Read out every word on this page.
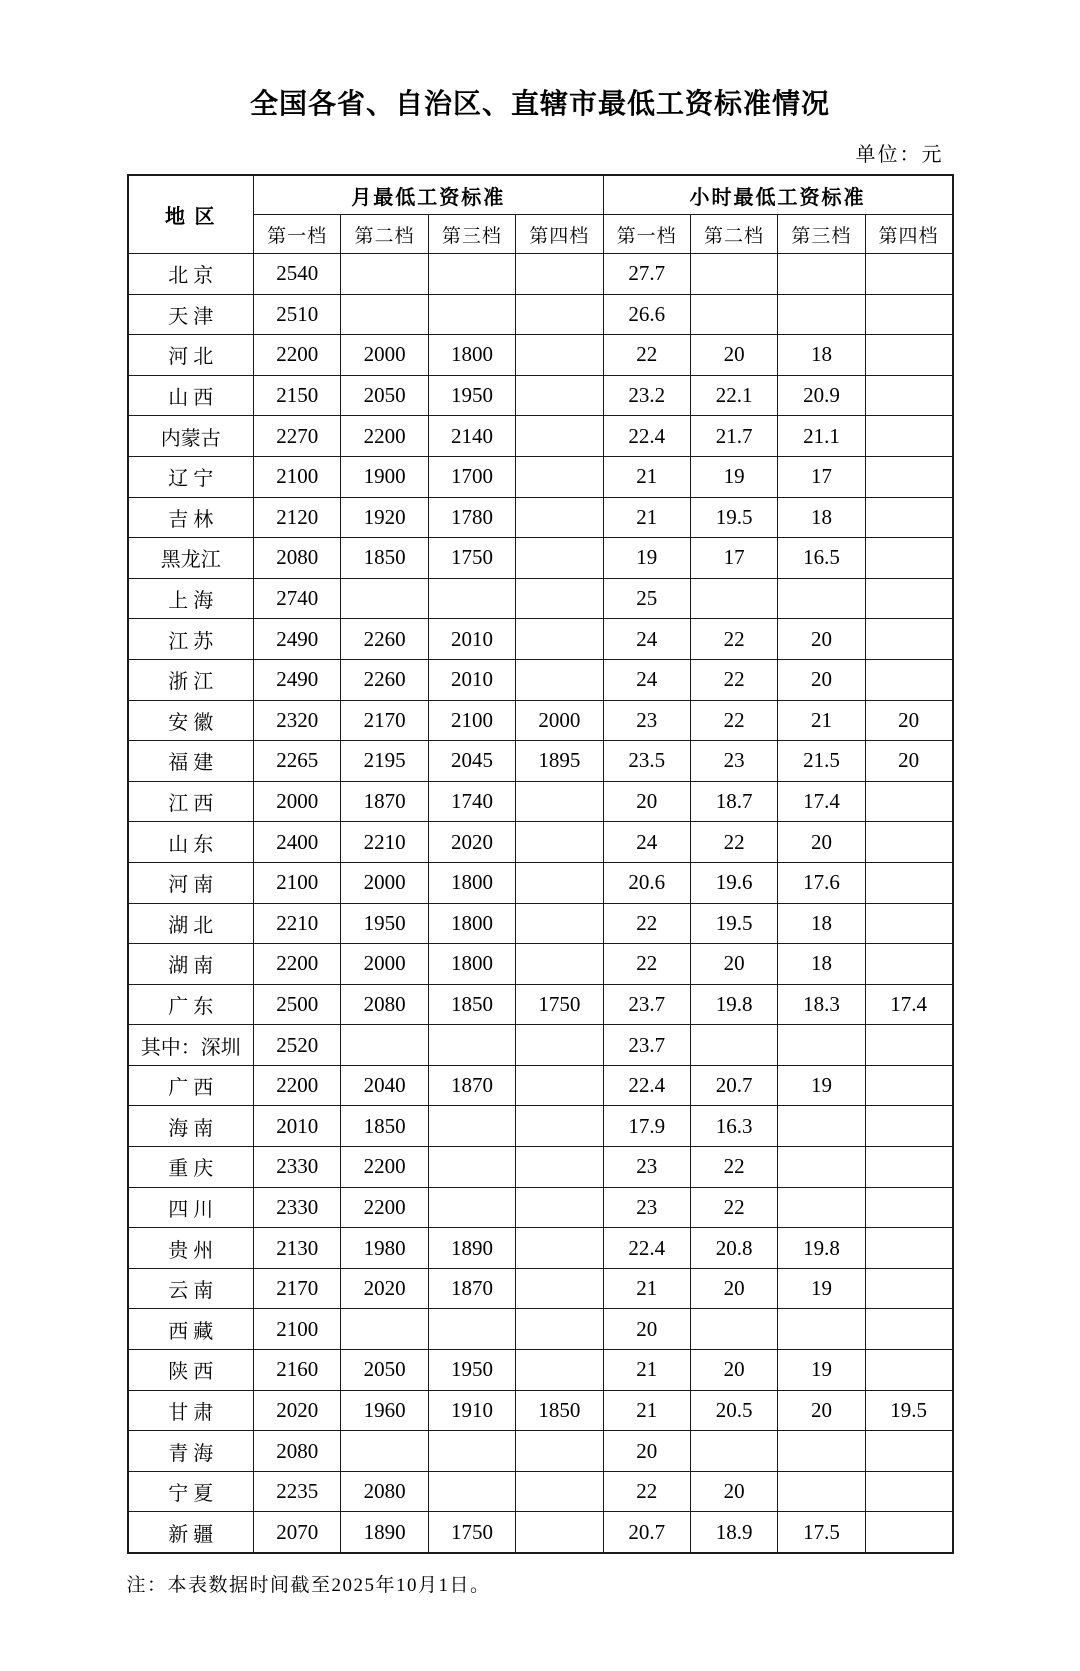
全国各省、自治区、直辖市最低工资标准情况
单位：元
地 区	月最低工资标准				小时最低工资标准			
	第一档	第二档	第三档	第四档	第一档	第二档	第三档	第四档
北 京	2540				27.7			
天 津	2510				26.6			
河 北	2200	2000	1800		22	20	18	
山 西	2150	2050	1950		23.2	22.1	20.9	
内蒙古	2270	2200	2140		22.4	21.7	21.1	
辽 宁	2100	1900	1700		21	19	17	
吉 林	2120	1920	1780		21	19.5	18	
黑龙江	2080	1850	1750		19	17	16.5	
上 海	2740				25			
江 苏	2490	2260	2010		24	22	20	
浙 江	2490	2260	2010		24	22	20	
安 徽	2320	2170	2100	2000	23	22	21	20
福 建	2265	2195	2045	1895	23.5	23	21.5	20
江 西	2000	1870	1740		20	18.7	17.4	
山 东	2400	2210	2020		24	22	20	
河 南	2100	2000	1800		20.6	19.6	17.6	
湖 北	2210	1950	1800		22	19.5	18	
湖 南	2200	2000	1800		22	20	18	
广 东	2500	2080	1850	1750	23.7	19.8	18.3	17.4
其中：深圳	2520				23.7			
广 西	2200	2040	1870		22.4	20.7	19	
海 南	2010	1850			17.9	16.3		
重 庆	2330	2200			23	22		
四 川	2330	2200			23	22		
贵 州	2130	1980	1890		22.4	20.8	19.8	
云 南	2170	2020	1870		21	20	19	
西 藏	2100				20			
陕 西	2160	2050	1950		21	20	19	
甘 肃	2020	1960	1910	1850	21	20.5	20	19.5
青 海	2080				20			
宁 夏	2235	2080			22	20		
新 疆	2070	1890	1750		20.7	18.9	17.5	
注：本表数据时间截至2025年10月1日。
